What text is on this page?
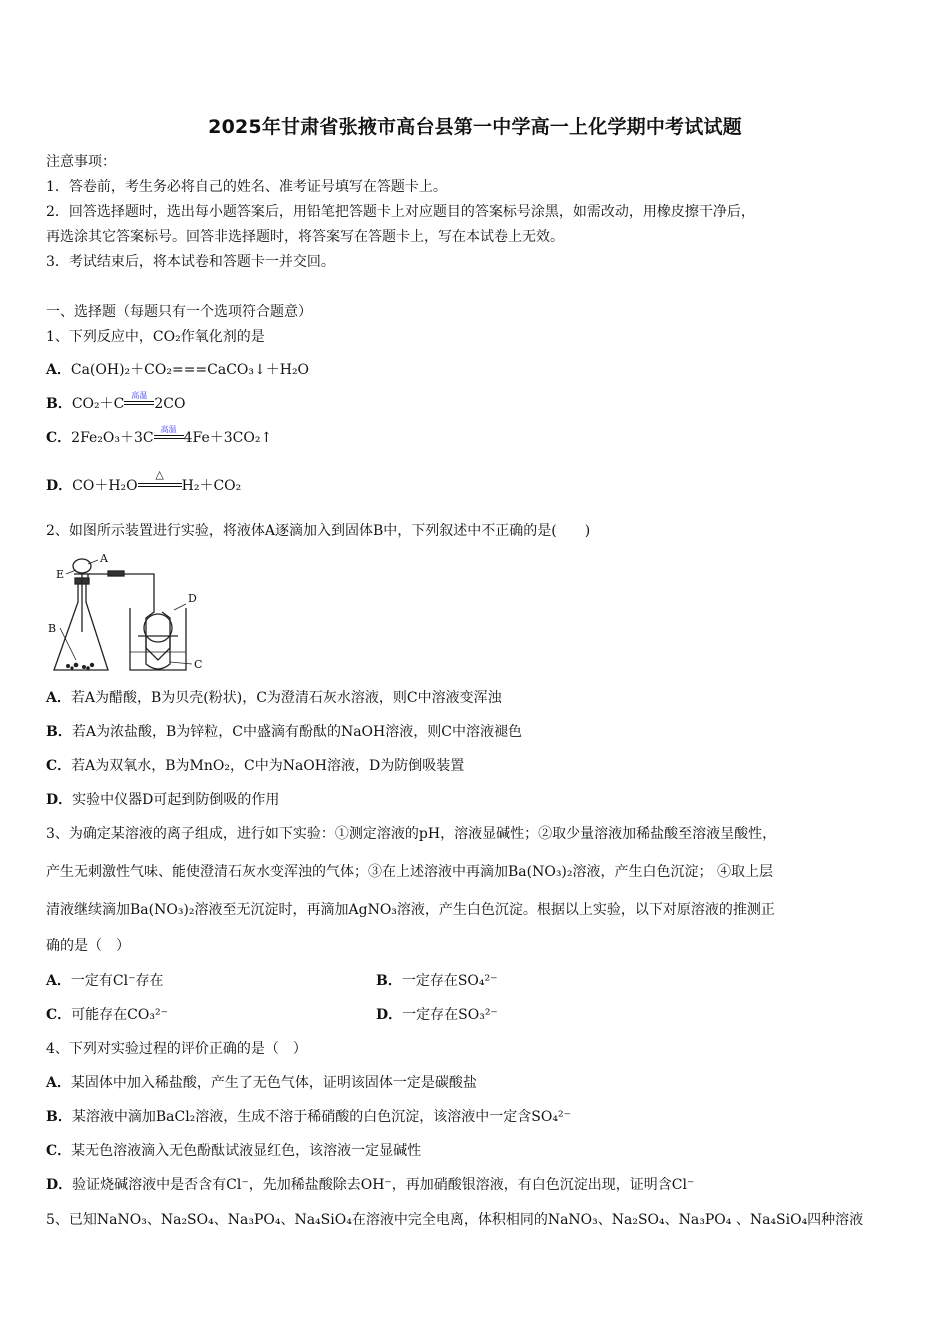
2025年甘肃省张掖市高台县第一中学高一上化学期中考试试题
注意事项：
1．答卷前，考生务必将自己的姓名、准考证号填写在答题卡上。
2．回答选择题时，选出每小题答案后，用铅笔把答题卡上对应题目的答案标号涂黑，如需改动，用橡皮擦干净后，
再选涂其它答案标号。回答非选择题时，将答案写在答题卡上，写在本试卷上无效。
3．考试结束后，将本试卷和答题卡一并交回。
一、选择题（每题只有一个选项符合题意）
1、下列反应中，CO₂作氧化剂的是
A．Ca(OH)₂＋CO₂===CaCO₃↓＋H₂O
B．CO₂＋C
高温
2CO
C．2Fe₂O₃＋3C
高温
4Fe＋3CO₂↑
D．CO＋H₂O
△
H₂＋CO₂
2、如图所示装置进行实验，将液体A逐滴加入到固体B中，下列叙述中不正确的是(　　)
A
E
B
D
C
A．若A为醋酸，B为贝壳(粉状)，C为澄清石灰水溶液，则C中溶液变浑浊
B．若A为浓盐酸，B为锌粒，C中盛滴有酚酞的NaOH溶液，则C中溶液褪色
C．若A为双氧水，B为MnO₂，C中为NaOH溶液，D为防倒吸装置
D．实验中仪器D可起到防倒吸的作用
3、为确定某溶液的离子组成，进行如下实验：①测定溶液的pH，溶液显碱性；②取少量溶液加稀盐酸至溶液呈酸性，
产生无刺激性气味、能使澄清石灰水变浑浊的气体；③在上述溶液中再滴加Ba(NO₃)₂溶液，产生白色沉淀； ④取上层
清液继续滴加Ba(NO₃)₂溶液至无沉淀时，再滴加AgNO₃溶液，产生白色沉淀。根据以上实验，以下对原溶液的推测正
确的是（　）
A．一定有Cl⁻存在	B．一定存在SO₄²⁻
C．可能存在CO₃²⁻	D．一定存在SO₃²⁻
4、下列对实验过程的评价正确的是（　）
A．某固体中加入稀盐酸，产生了无色气体，证明该固体一定是碳酸盐
B．某溶液中滴加BaCl₂溶液，生成不溶于稀硝酸的白色沉淀，该溶液中一定含SO₄²⁻
C．某无色溶液滴入无色酚酞试液显红色，该溶液一定显碱性
D．验证烧碱溶液中是否含有Cl⁻，先加稀盐酸除去OH⁻，再加硝酸银溶液，有白色沉淀出现，证明含Cl⁻
5、已知NaNO₃、Na₂SO₄、Na₃PO₄、Na₄SiO₄在溶液中完全电离，体积相同的NaNO₃、Na₂SO₄、Na₃PO₄ 、Na₄SiO₄四种溶液
